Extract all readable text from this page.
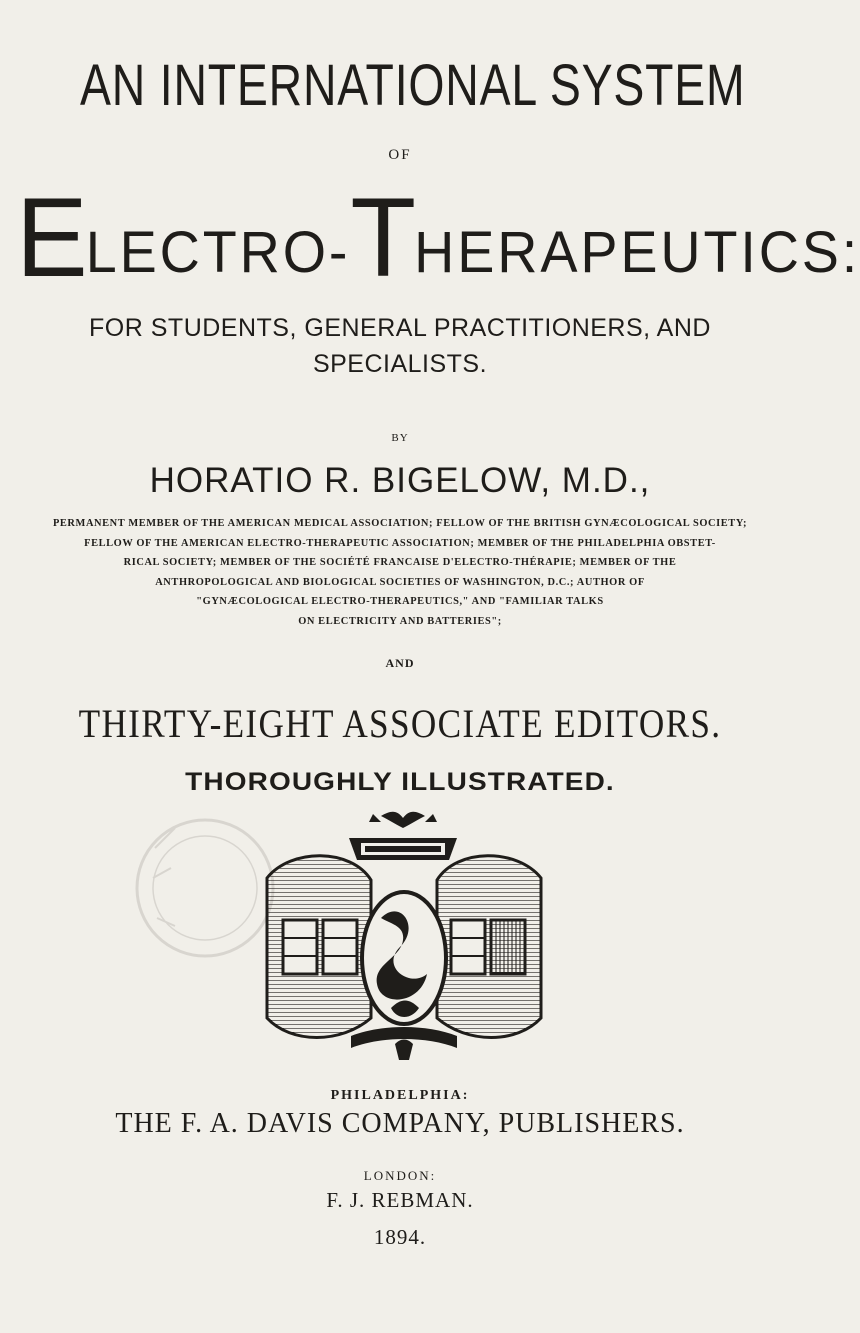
AN INTERNATIONAL SYSTEM
OF
ELECTRO-THERAPEUTICS:
FOR STUDENTS, GENERAL PRACTITIONERS, AND
SPECIALISTS.
BY
HORATIO R. BIGELOW, M.D.,
PERMANENT MEMBER OF THE AMERICAN MEDICAL ASSOCIATION; FELLOW OF THE BRITISH GYNÆCOLOGICAL SOCIETY;
FELLOW OF THE AMERICAN ELECTRO-THERAPEUTIC ASSOCIATION; MEMBER OF THE PHILADELPHIA OBSTET-
RICAL SOCIETY; MEMBER OF THE SOCIÉTÉ FRANCAISE D'ELECTRO-THÉRAPIE; MEMBER OF THE
ANTHROPOLOGICAL AND BIOLOGICAL SOCIETIES OF WASHINGTON, D.C.; AUTHOR OF
"GYNÆCOLOGICAL ELECTRO-THERAPEUTICS," AND "FAMILIAR TALKS
ON ELECTRICITY AND BATTERIES";
AND
THIRTY-EIGHT ASSOCIATE EDITORS.
THOROUGHLY ILLUSTRATED.
PHILADELPHIA:
THE F. A. DAVIS COMPANY, PUBLISHERS.
LONDON:
F. J. REBMAN.
1894.
